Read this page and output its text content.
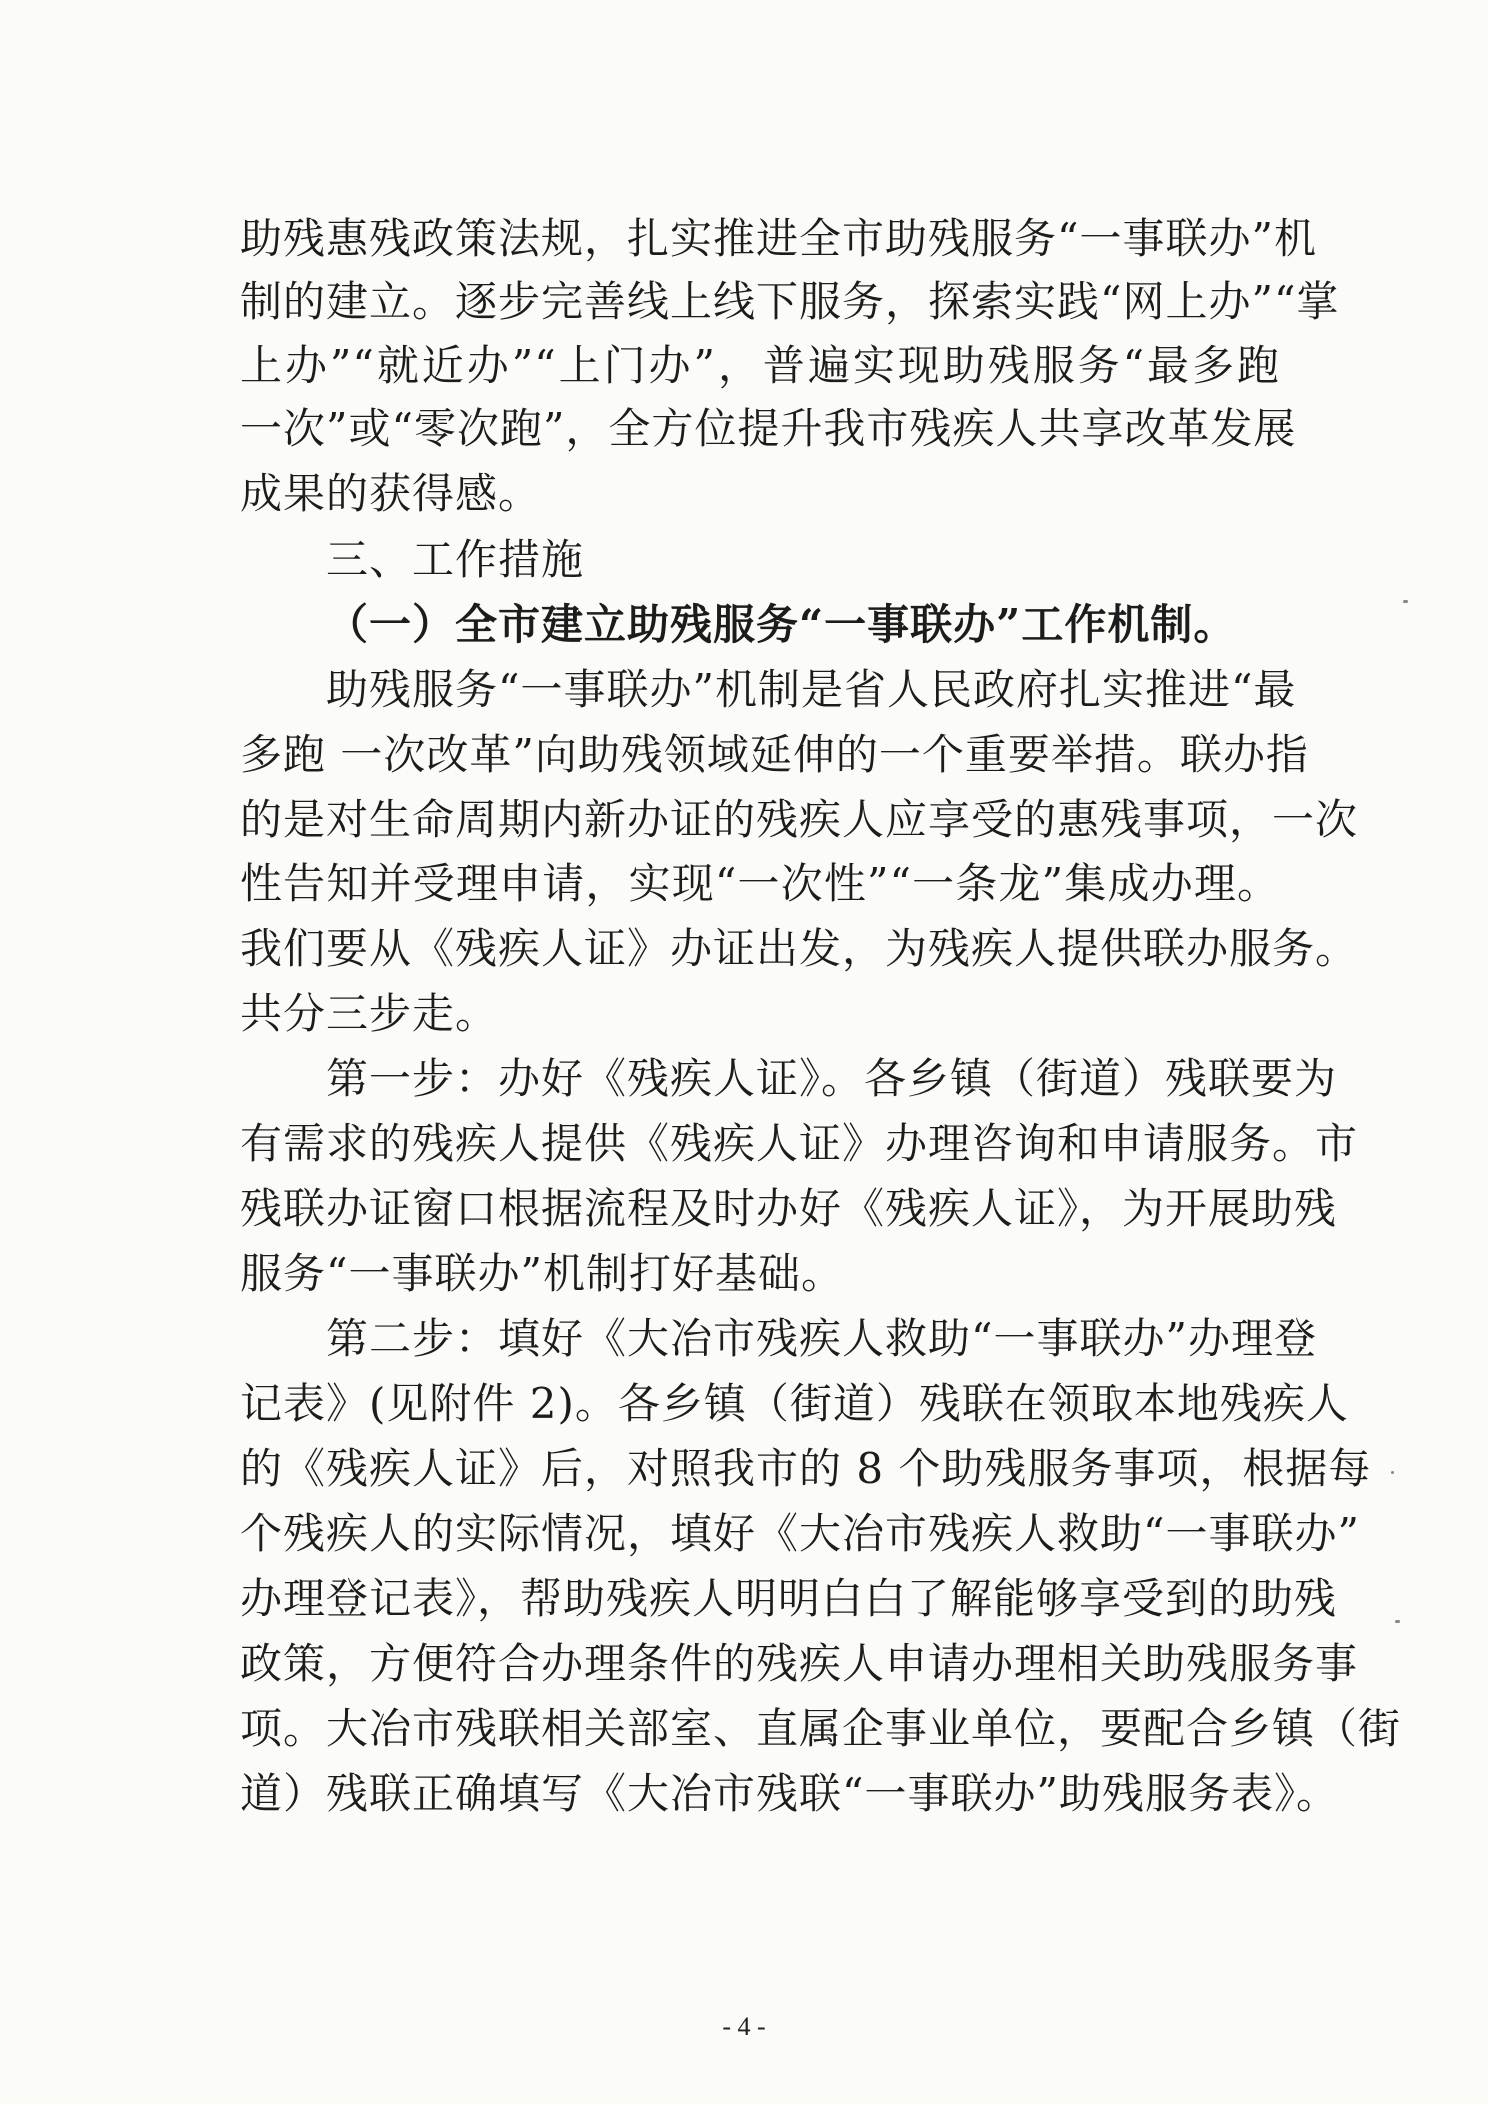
助残惠残政策法规，扎实推进全市助残服务“一事联办”机
制的建立。逐步完善线上线下服务，探索实践“网上办”“掌
上办”“就近办”“上门办”，普遍实现助残服务“最多跑
一次”或“零次跑”，全方位提升我市残疾人共享改革发展
成果的获得感。
三、工作措施
（一）全市建立助残服务“一事联办”工作机制。
助残服务“一事联办”机制是省人民政府扎实推进“最
多跑 一次改革”向助残领域延伸的一个重要举措。联办指
的是对生命周期内新办证的残疾人应享受的惠残事项，一次
性告知并受理申请，实现“一次性”“一条龙”集成办理。
我们要从《残疾人证》办证出发，为残疾人提供联办服务。
共分三步走。
第一步：办好《残疾人证》。各乡镇（街道）残联要为
有需求的残疾人提供《残疾人证》办理咨询和申请服务。市
残联办证窗口根据流程及时办好《残疾人证》，为开展助残
服务“一事联办”机制打好基础。
第二步：填好《大冶市残疾人救助“一事联办”办理登
记表》(见附件 2)。各乡镇（街道）残联在领取本地残疾人
的《残疾人证》后，对照我市的 8 个助残服务事项，根据每
个残疾人的实际情况，填好《大冶市残疾人救助“一事联办”
办理登记表》，帮助残疾人明明白白了解能够享受到的助残
政策，方便符合办理条件的残疾人申请办理相关助残服务事
项。大冶市残联相关部室、直属企事业单位，要配合乡镇（街
道）残联正确填写《大冶市残联“一事联办”助残服务表》。
- 4 -
